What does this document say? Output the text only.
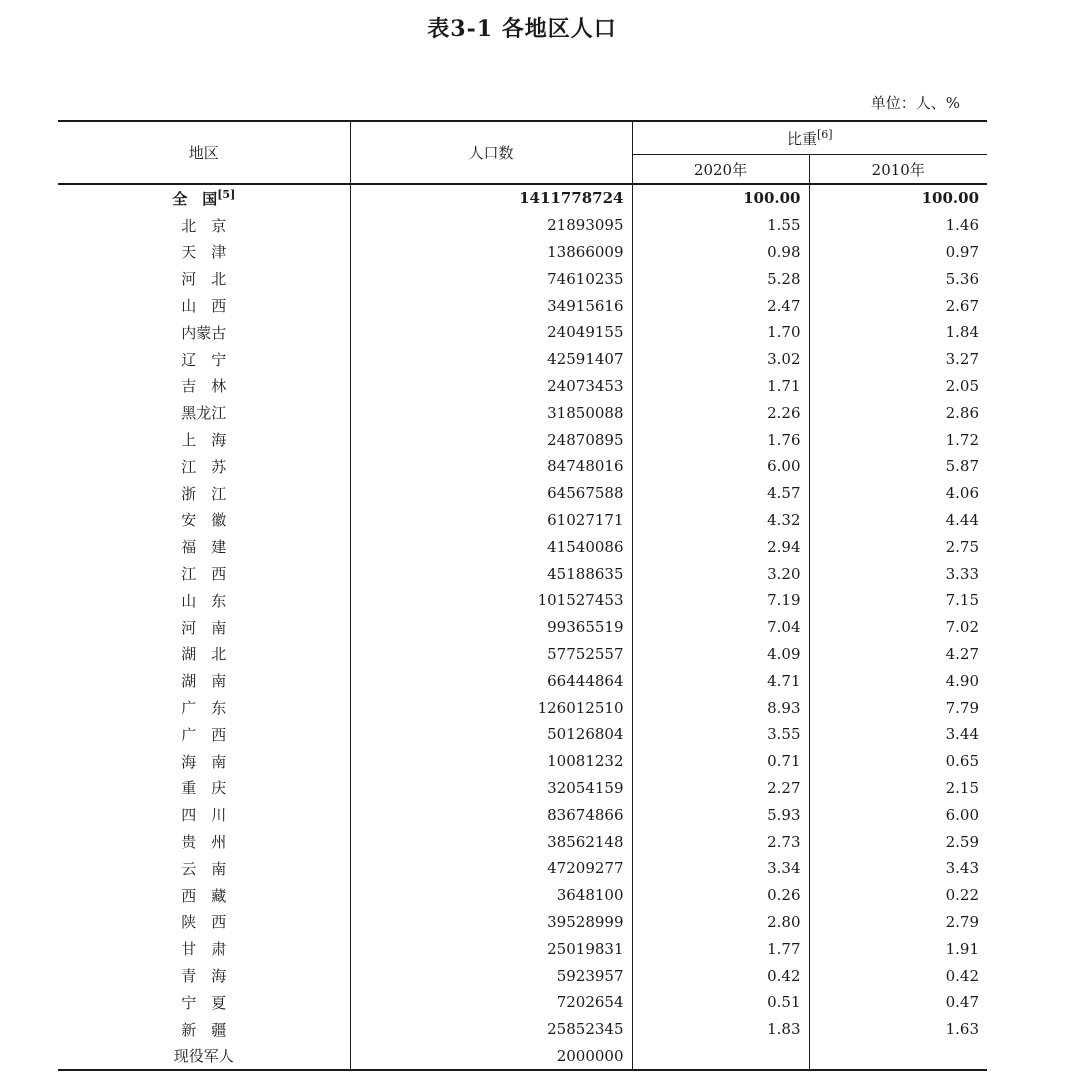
表3-1 各地区人口
单位：人、%
地区	人口数	比重[6]
		2020年	2010年
全　国[5]	1411778724	100.00	100.00
北　京	21893095	1.55	1.46
天　津	13866009	0.98	0.97
河　北	74610235	5.28	5.36
山　西	34915616	2.47	2.67
内蒙古	24049155	1.70	1.84
辽　宁	42591407	3.02	3.27
吉　林	24073453	1.71	2.05
黑龙江	31850088	2.26	2.86
上　海	24870895	1.76	1.72
江　苏	84748016	6.00	5.87
浙　江	64567588	4.57	4.06
安　徽	61027171	4.32	4.44
福　建	41540086	2.94	2.75
江　西	45188635	3.20	3.33
山　东	101527453	7.19	7.15
河　南	99365519	7.04	7.02
湖　北	57752557	4.09	4.27
湖　南	66444864	4.71	4.90
广　东	126012510	8.93	7.79
广　西	50126804	3.55	3.44
海　南	10081232	0.71	0.65
重　庆	32054159	2.27	2.15
四　川	83674866	5.93	6.00
贵　州	38562148	2.73	2.59
云　南	47209277	3.34	3.43
西　藏	3648100	0.26	0.22
陕　西	39528999	2.80	2.79
甘　肃	25019831	1.77	1.91
青　海	5923957	0.42	0.42
宁　夏	7202654	0.51	0.47
新　疆	25852345	1.83	1.63
现役军人	2000000		
